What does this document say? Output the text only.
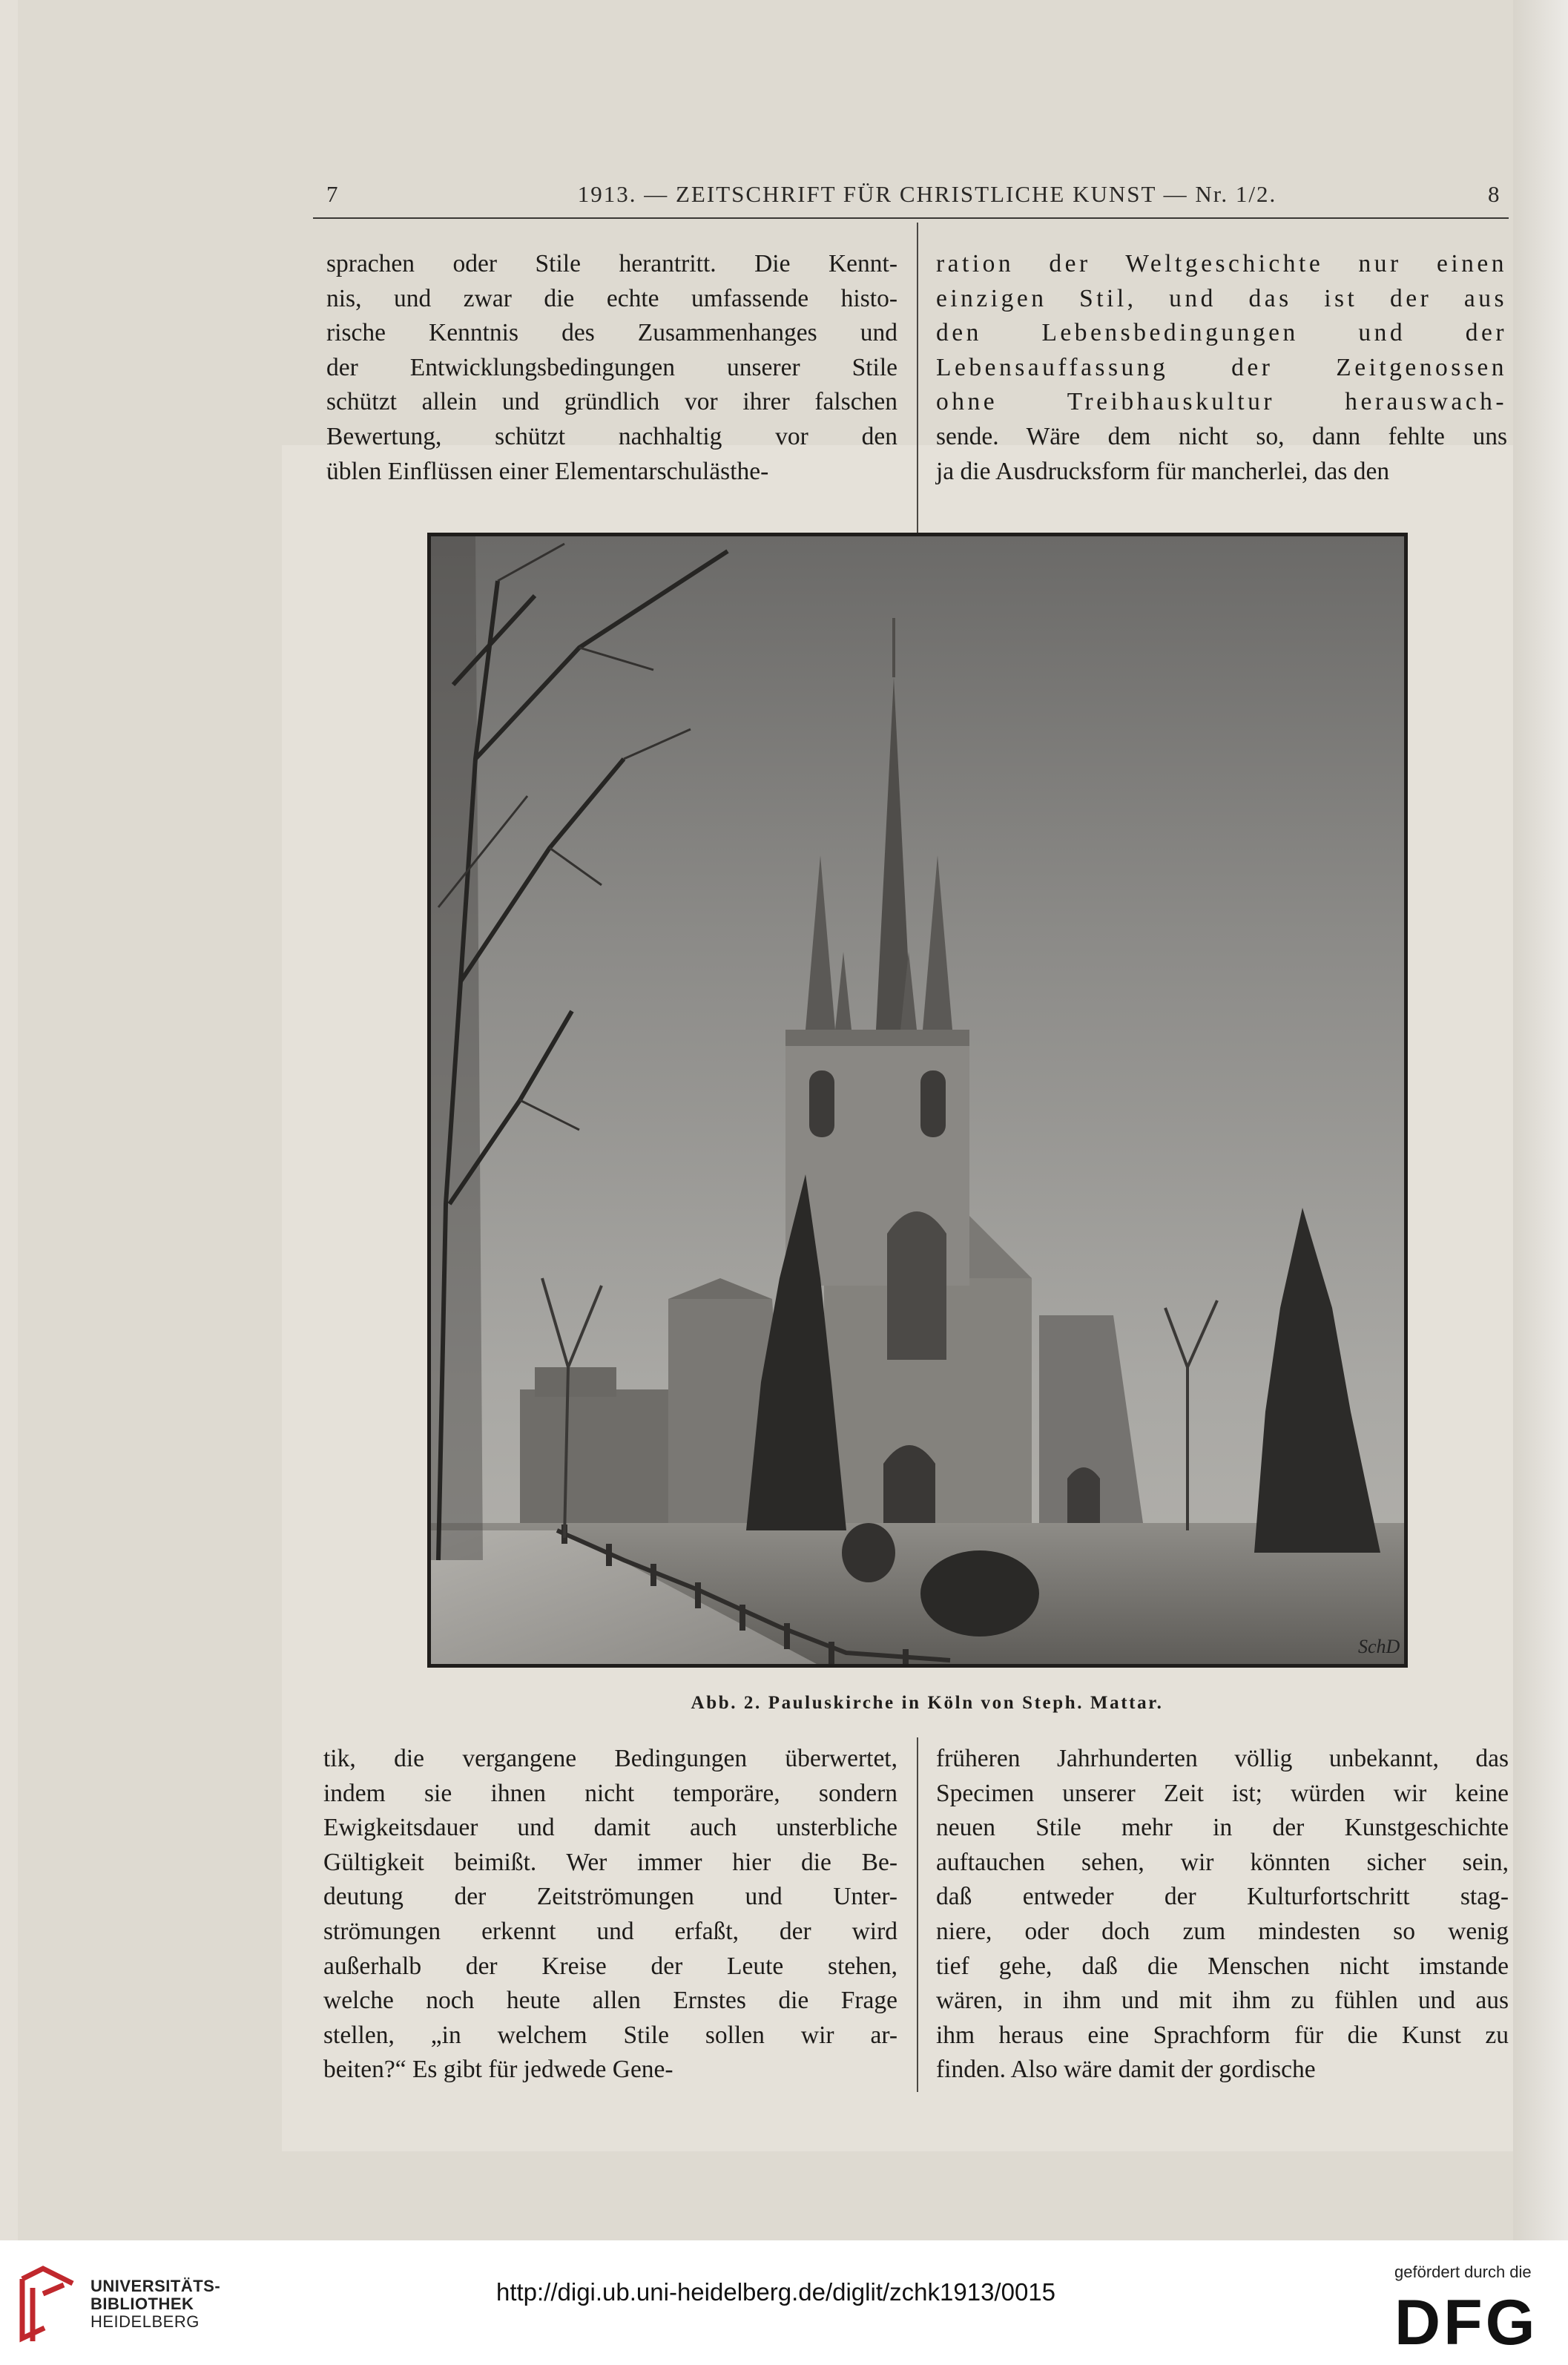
7	1913. — ZEITSCHRIFT FÜR CHRISTLICHE KUNST — Nr. 1/2.	8
sprachen oder Stile herantritt. Die Kennt-
nis, und zwar die echte umfassende histo-
rische Kenntnis des Zusammenhanges und
der Entwicklungsbedingungen unserer Stile
schützt allein und gründlich vor ihrer falschen
Bewertung, schützt nachhaltig vor den
üblen Einflüssen einer Elementarschulästhe-
ration der Weltgeschichte nur einen
einzigen Stil, und das ist der aus
den Lebensbedingungen und der
Lebensauffassung der Zeitgenossen
ohne Treibhauskultur herauswach-
sende. Wäre dem nicht so, dann fehlte uns
ja die Ausdrucksform für mancherlei, das den
SchD
Abb. 2. Pauluskirche in Köln von Steph. Mattar.
tik, die vergangene Bedingungen überwertet,
indem sie ihnen nicht temporäre, sondern
Ewigkeitsdauer und damit auch unsterbliche
Gültigkeit beimißt. Wer immer hier die Be-
deutung der Zeitströmungen und Unter-
strömungen erkennt und erfaßt, der wird
außerhalb der Kreise der Leute stehen,
welche noch heute allen Ernstes die Frage
stellen, „in welchem Stile sollen wir ar-
beiten?“ Es gibt für jedwede Gene-
früheren Jahrhunderten völlig unbekannt, das
Specimen unserer Zeit ist; würden wir keine
neuen Stile mehr in der Kunstgeschichte
auftauchen sehen, wir könnten sicher sein,
daß entweder der Kulturfortschritt stag-
niere, oder doch zum mindesten so wenig
tief gehe, daß die Menschen nicht imstande
wären, in ihm und mit ihm zu fühlen und aus
ihm heraus eine Sprachform für die Kunst zu
finden. Also wäre damit der gordische
UNIVERSITÄTS-
BIBLIOTHEK
HEIDELBERG
http://digi.ub.uni-heidelberg.de/diglit/zchk1913/0015
gefördert durch die
DFG
